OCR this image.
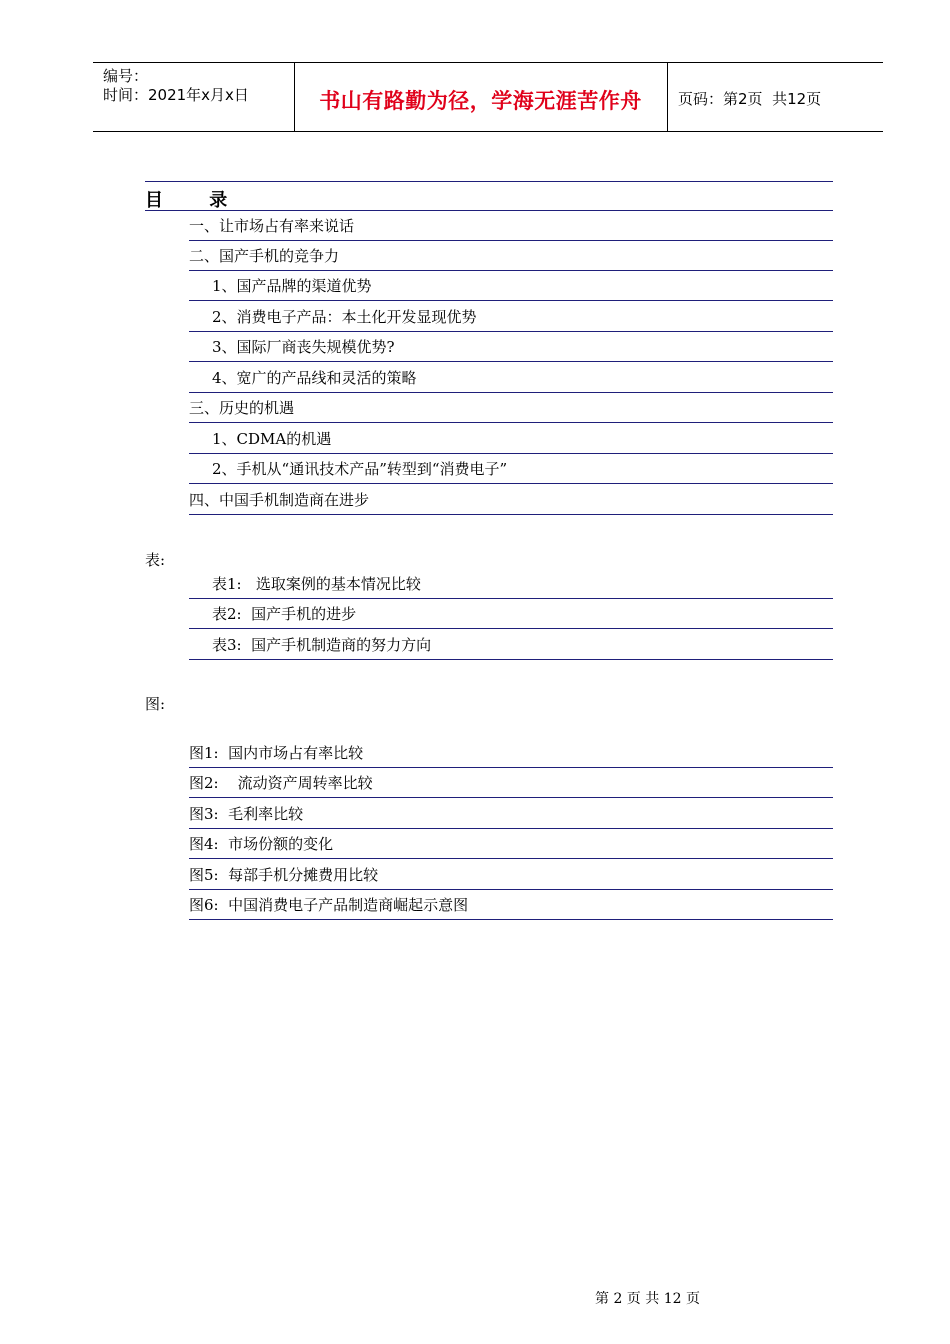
编号：
时间：2021年x月x日	书山有路勤为径，学海无涯苦作舟	页码：第2页  共12页
目 录
一、让市场占有率来说话
二、国产手机的竞争力
1、国产品牌的渠道优势
2、消费电子产品：本土化开发显现优势
3、国际厂商丧失规模优势?
4、宽广的产品线和灵活的策略
三、历史的机遇
1、CDMA的机遇
2、手机从“通讯技术产品”转型到“消费电子”
四、中国手机制造商在进步
表:
表1:   选取案例的基本情况比较
表2:  国产手机的进步
表3:  国产手机制造商的努力方向
图:
图1:  国内市场占有率比较
图2:    流动资产周转率比较
图3:  毛利率比较
图4:  市场份额的变化
图5:  每部手机分摊费用比较
图6:  中国消费电子产品制造商崛起示意图
第 2 页 共 12 页
